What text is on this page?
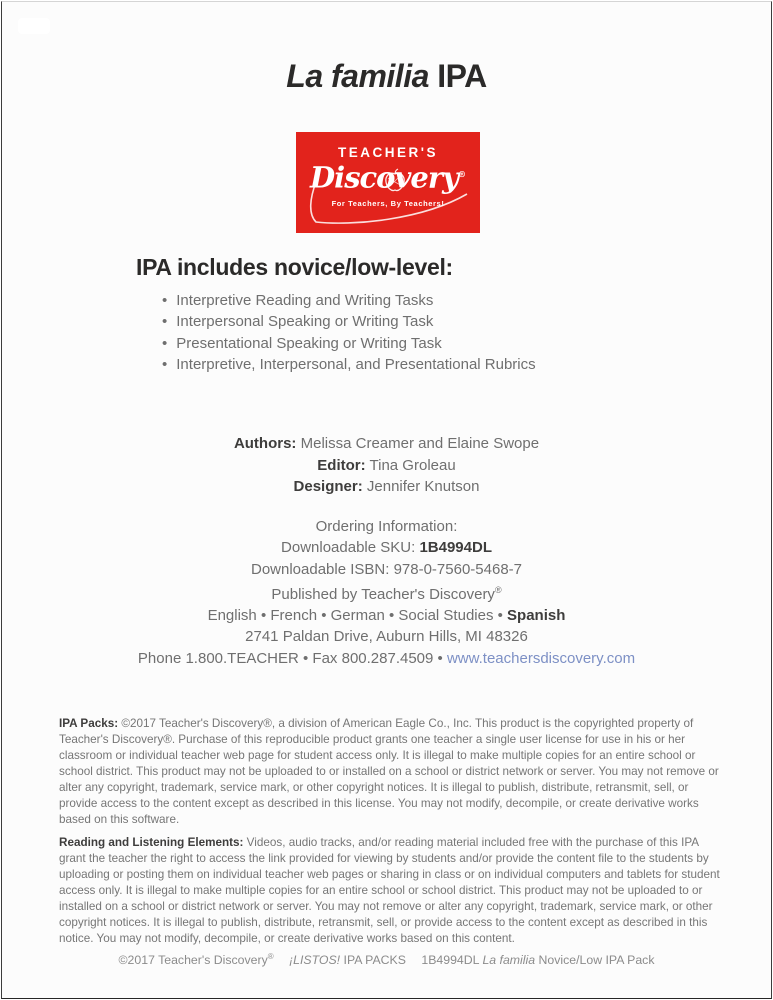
La familia IPA
TEACHER'S
Discovery®
For Teachers, By Teachers!
IPA includes novice/low-level:
• Interpretive Reading and Writing Tasks
• Interpersonal Speaking or Writing Task
• Presentational Speaking or Writing Task
• Interpretive, Interpersonal, and Presentational Rubrics
Authors: Melissa Creamer and Elaine Swope
Editor: Tina Groleau
Designer: Jennifer Knutson
Ordering Information:
Downloadable SKU: 1B4994DL
Downloadable ISBN: 978-0-7560-5468-7
Published by Teacher's Discovery®
English • French • German • Social Studies • Spanish
2741 Paldan Drive, Auburn Hills, MI 48326
Phone 1.800.TEACHER • Fax 800.287.4509 • www.teachersdiscovery.com

IPA Packs: ©2017 Teacher's Discovery®, a division of American Eagle Co., Inc. This product is the copyrighted property of Teacher's Discovery®. Purchase of this reproducible product grants one teacher a single user license for use in his or her classroom or individual teacher web page for student access only. It is illegal to make multiple copies for an entire school or school district. This product may not be uploaded to or installed on a school or district network or server. You may not remove or alter any copyright, trademark, service mark, or other copyright notices. It is illegal to publish, distribute, retransmit, sell, or provide access to the content except as described in this license. You may not modify, decompile, or create derivative works based on this software.

Reading and Listening Elements: Videos, audio tracks, and/or reading material included free with the purchase of this IPA grant the teacher the right to access the link provided for viewing by students and/or provide the content file to the students by uploading or posting them on individual teacher web pages or sharing in class or on individual computers and tablets for student access only. It is illegal to make multiple copies for an entire school or school district. This product may not be uploaded to or installed on a school or district network or server. You may not remove or alter any copyright, trademark, service mark, or other copyright notices. It is illegal to publish, distribute, retransmit, sell, or provide access to the content except as described in this notice. You may not modify, decompile, or create derivative works based on this content.

©2017 Teacher's Discovery® ¡LISTOS! IPA PACKS 1B4994DL La familia Novice/Low IPA Pack
